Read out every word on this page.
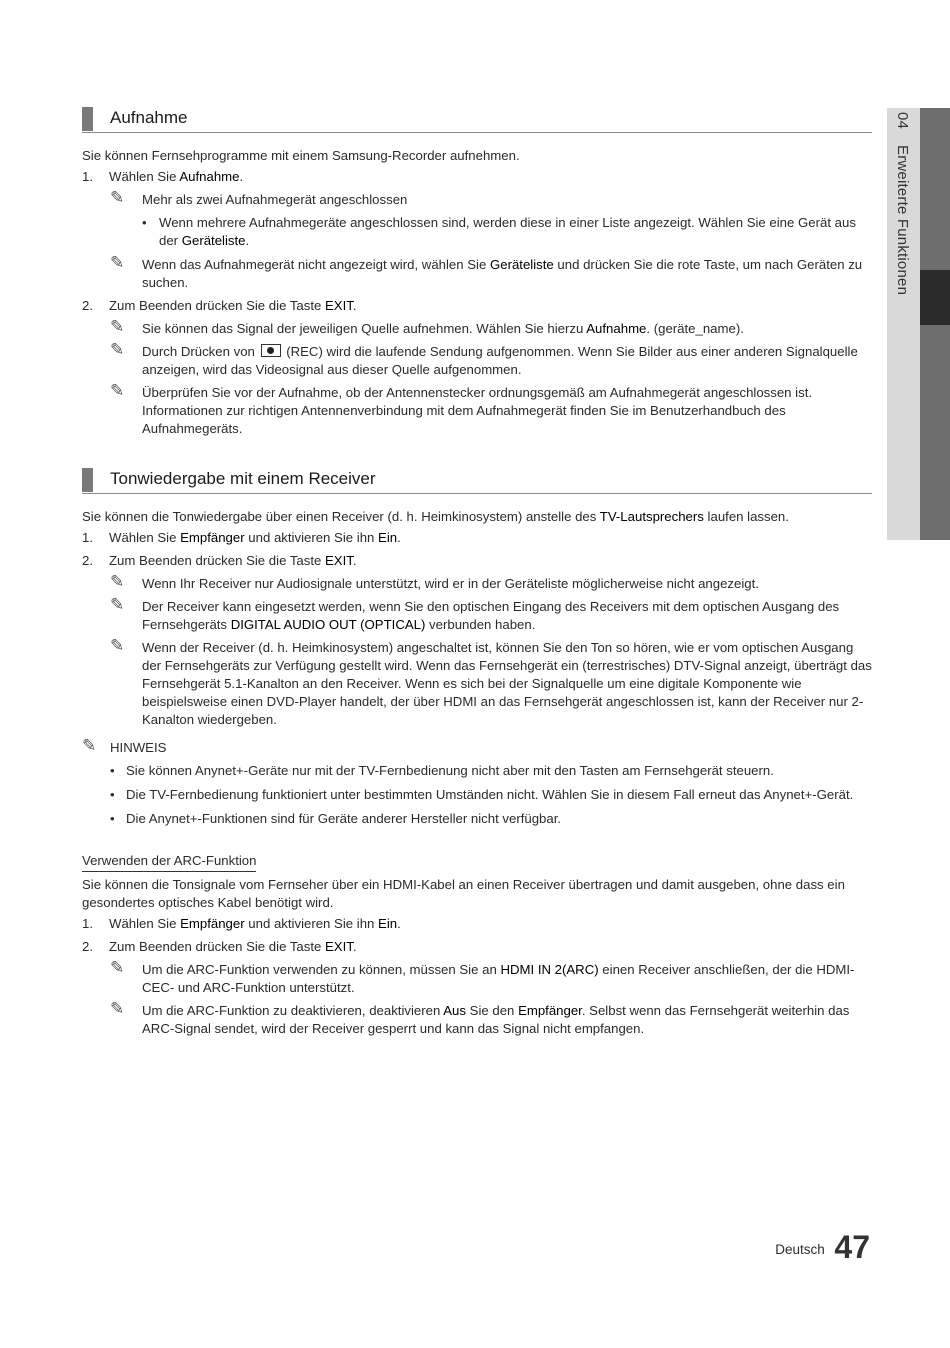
04 Erweiterte Funktionen
Aufnahme
Sie können Fernsehprogramme mit einem Samsung-Recorder aufnehmen.
1. Wählen Sie Aufnahme.
✎ Mehr als zwei Aufnahmegerät angeschlossen
• Wenn mehrere Aufnahmegeräte angeschlossen sind, werden diese in einer Liste angezeigt. Wählen Sie eine Gerät aus der Geräteliste.
✎ Wenn das Aufnahmegerät nicht angezeigt wird, wählen Sie Geräteliste und drücken Sie die rote Taste, um nach Geräten zu suchen.
2. Zum Beenden drücken Sie die Taste EXIT.
✎ Sie können das Signal der jeweiligen Quelle aufnehmen. Wählen Sie hierzu Aufnahme. (geräte_name).
✎ Durch Drücken von  (REC) wird die laufende Sendung aufgenommen. Wenn Sie Bilder aus einer anderen Signalquelle anzeigen, wird das Videosignal aus dieser Quelle aufgenommen.
✎ Überprüfen Sie vor der Aufnahme, ob der Antennenstecker ordnungsgemäß am Aufnahmegerät angeschlossen ist. Informationen zur richtigen Antennenverbindung mit dem Aufnahmegerät finden Sie im Benutzerhandbuch des Aufnahmegeräts.
Tonwiedergabe mit einem Receiver
Sie können die Tonwiedergabe über einen Receiver (d. h. Heimkinosystem) anstelle des TV-Lautsprechers laufen lassen.
1. Wählen Sie Empfänger und aktivieren Sie ihn Ein.
2. Zum Beenden drücken Sie die Taste EXIT.
✎ Wenn Ihr Receiver nur Audiosignale unterstützt, wird er in der Geräteliste möglicherweise nicht angezeigt.
✎ Der Receiver kann eingesetzt werden, wenn Sie den optischen Eingang des Receivers mit dem optischen Ausgang des Fernsehgeräts DIGITAL AUDIO OUT (OPTICAL) verbunden haben.
✎ Wenn der Receiver (d. h. Heimkinosystem) angeschaltet ist, können Sie den Ton so hören, wie er vom optischen Ausgang der Fernsehgeräts zur Verfügung gestellt wird. Wenn das Fernsehgerät ein (terrestrisches) DTV-Signal anzeigt, überträgt das Fernsehgerät 5.1-Kanalton an den Receiver. Wenn es sich bei der Signalquelle um eine digitale Komponente wie beispielsweise einen DVD-Player handelt, der über HDMI an das Fernsehgerät angeschlossen ist, kann der Receiver nur 2-Kanalton wiedergeben.
✎ HINWEIS
• Sie können Anynet+-Geräte nur mit der TV-Fernbedienung nicht aber mit den Tasten am Fernsehgerät steuern.
• Die TV-Fernbedienung funktioniert unter bestimmten Umständen nicht. Wählen Sie in diesem Fall erneut das Anynet+-Gerät.
• Die Anynet+-Funktionen sind für Geräte anderer Hersteller nicht verfügbar.
Verwenden der ARC-Funktion
Sie können die Tonsignale vom Fernseher über ein HDMI-Kabel an einen Receiver übertragen und damit ausgeben, ohne dass ein gesondertes optisches Kabel benötigt wird.
1. Wählen Sie Empfänger und aktivieren Sie ihn Ein.
2. Zum Beenden drücken Sie die Taste EXIT.
✎ Um die ARC-Funktion verwenden zu können, müssen Sie an HDMI IN 2(ARC) einen Receiver anschließen, der die HDMI-CEC- und ARC-Funktion unterstützt.
✎ Um die ARC-Funktion zu deaktivieren, deaktivieren Aus Sie den Empfänger. Selbst wenn das Fernsehgerät weiterhin das ARC-Signal sendet, wird der Receiver gesperrt und kann das Signal nicht empfangen.
Deutsch 47
